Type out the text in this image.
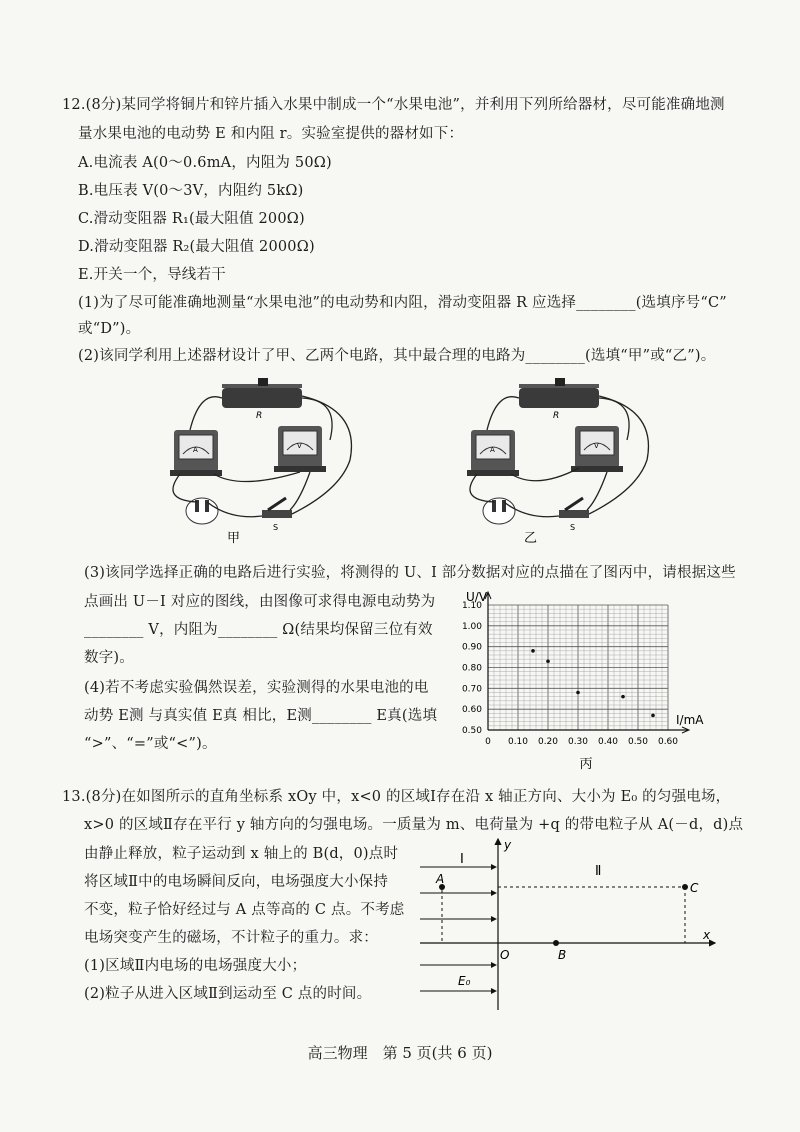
12.(8分)某同学将铜片和锌片插入水果中制成一个“水果电池”，并利用下列所给器材，尽可能准确地测
量水果电池的电动势 E 和内阻 r。实验室提供的器材如下：
A.电流表 A(0～0.6mA，内阻为 50Ω)
B.电压表 V(0～3V，内阻约 5kΩ)
C.滑动变阻器 R₁(最大阻值 200Ω)
D.滑动变阻器 R₂(最大阻值 2000Ω)
E.开关一个，导线若干
(1)为了尽可能准确地测量“水果电池”的电动势和内阻，滑动变阻器 R 应选择________(选填序号“C”
或“D”)。
(2)该同学利用上述器材设计了甲、乙两个电路，其中最合理的电路为________(选填“甲”或“乙”)。
R
A	V
S
甲
R
A	V
S
乙
(3)该同学选择正确的电路后进行实验，将测得的 U、I 部分数据对应的点描在了图丙中，请根据这些
点画出 U－I 对应的图线，由图像可求得电源电动势为
________ V，内阻为________ Ω(结果均保留三位有效
数字)。
(4)若不考虑实验偶然误差，实验测得的水果电池的电
动势 E测 与真实值 E真 相比，E测________ E真(选填
“>”、“=”或“<”)。
0.50
0.60
0.70
0.80
0.90
1.00
1.10
0 0.10 0.20 0.30 0.40 0.50 0.60
U/V
I/mA
丙
13.(8分)在如图所示的直角坐标系 xOy 中，x<0 的区域Ⅰ存在沿 x 轴正方向、大小为 E₀ 的匀强电场，
x>0 的区域Ⅱ存在平行 y 轴方向的匀强电场。一质量为 m、电荷量为 +q 的带电粒子从 A(－d，d)点
由静止释放，粒子运动到 x 轴上的 B(d，0)点时
将区域Ⅱ中的电场瞬间反向，电场强度大小保持
不变，粒子恰好经过与 A 点等高的 C 点。不考虑
电场突变产生的磁场，不计粒子的重力。求：
(1)区域Ⅱ内电场的电场强度大小；
(2)粒子从进入区域Ⅱ到运动至 C 点的时间。
y
x
O
Ⅰ
Ⅱ
E₀
A
C
B
高三物理　第 5 页(共 6 页)
